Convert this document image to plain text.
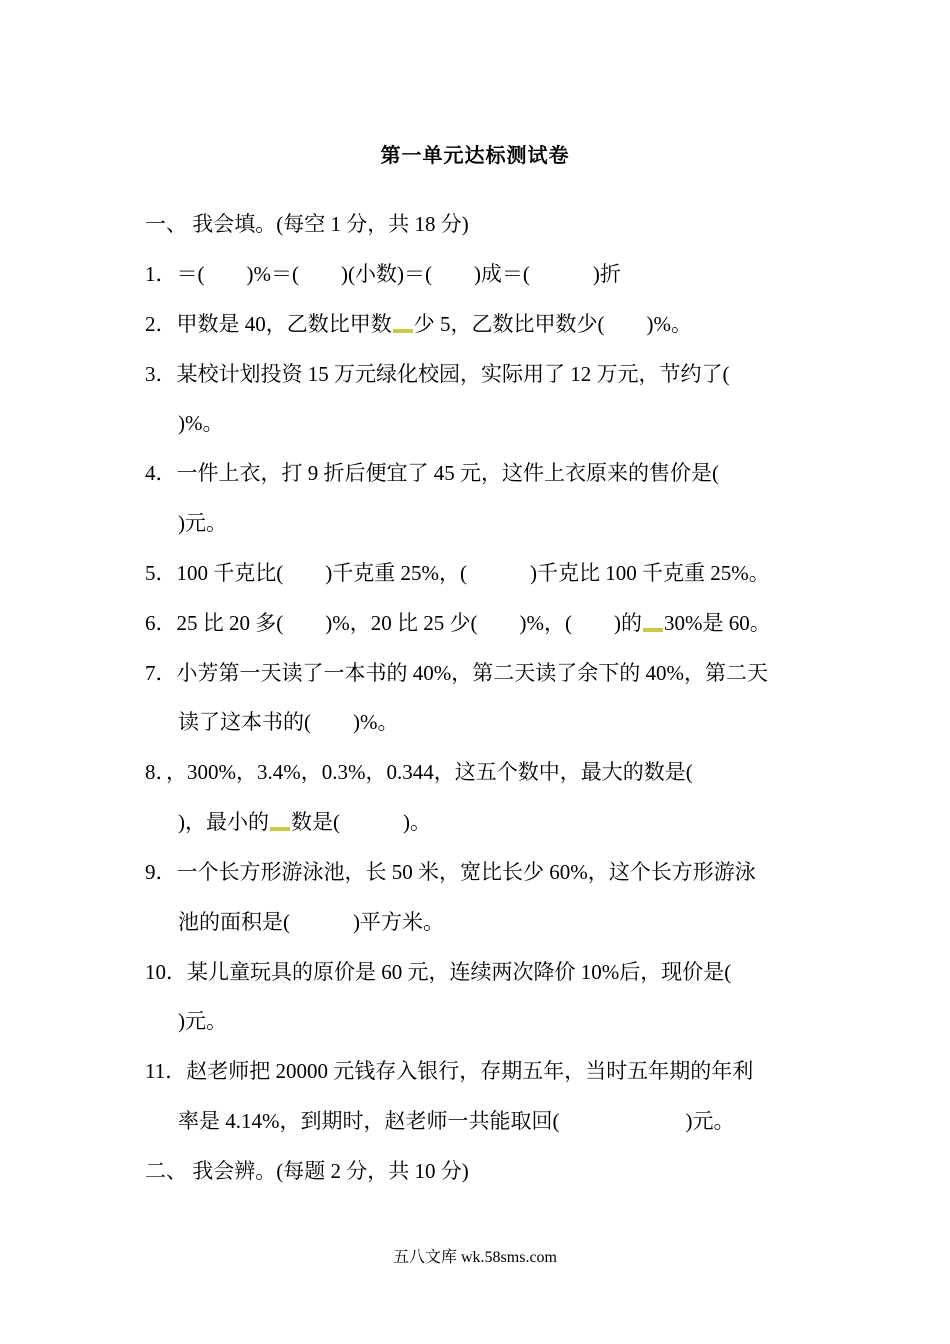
第一单元达标测试卷
一、 我会填。(每空 1 分，共 18 分)
1．＝(　　)%＝(　　)(小数)＝(　　)成＝(　　　)折
2．甲数是 40，乙数比甲数 少 5，乙数比甲数少(　　)%。
3．某校计划投资 15 万元绿化校园，实际用了 12 万元，节约了(
)%。
4．一件上衣，打 9 折后便宜了 45 元，这件上衣原来的售价是(
)元。
5．100 千克比(　　)千克重 25%，(　　　)千克比 100 千克重 25%。
6．25 比 20 多(　　)%，20 比 25 少(　　)%，(　　)的 30%是 60。
7．小芳第一天读了一本书的 40%，第二天读了余下的 40%，第二天
读了这本书的(　　)%。
8．，300%，3.4%，0.3%，0.344，这五个数中，最大的数是(
)，最小的 数是(　　　)。
9．一个长方形游泳池，长 50 米，宽比长少 60%，这个长方形游泳
池的面积是(　　　)平方米。
10．某儿童玩具的原价是 60 元，连续两次降价 10%后，现价是(
)元。
11．赵老师把 20000 元钱存入银行，存期五年，当时五年期的年利
率是 4.14%，到期时，赵老师一共能取回(　　　　　　)元。
二、 我会辨。(每题 2 分，共 10 分)
五八文库 wk.58sms.com
